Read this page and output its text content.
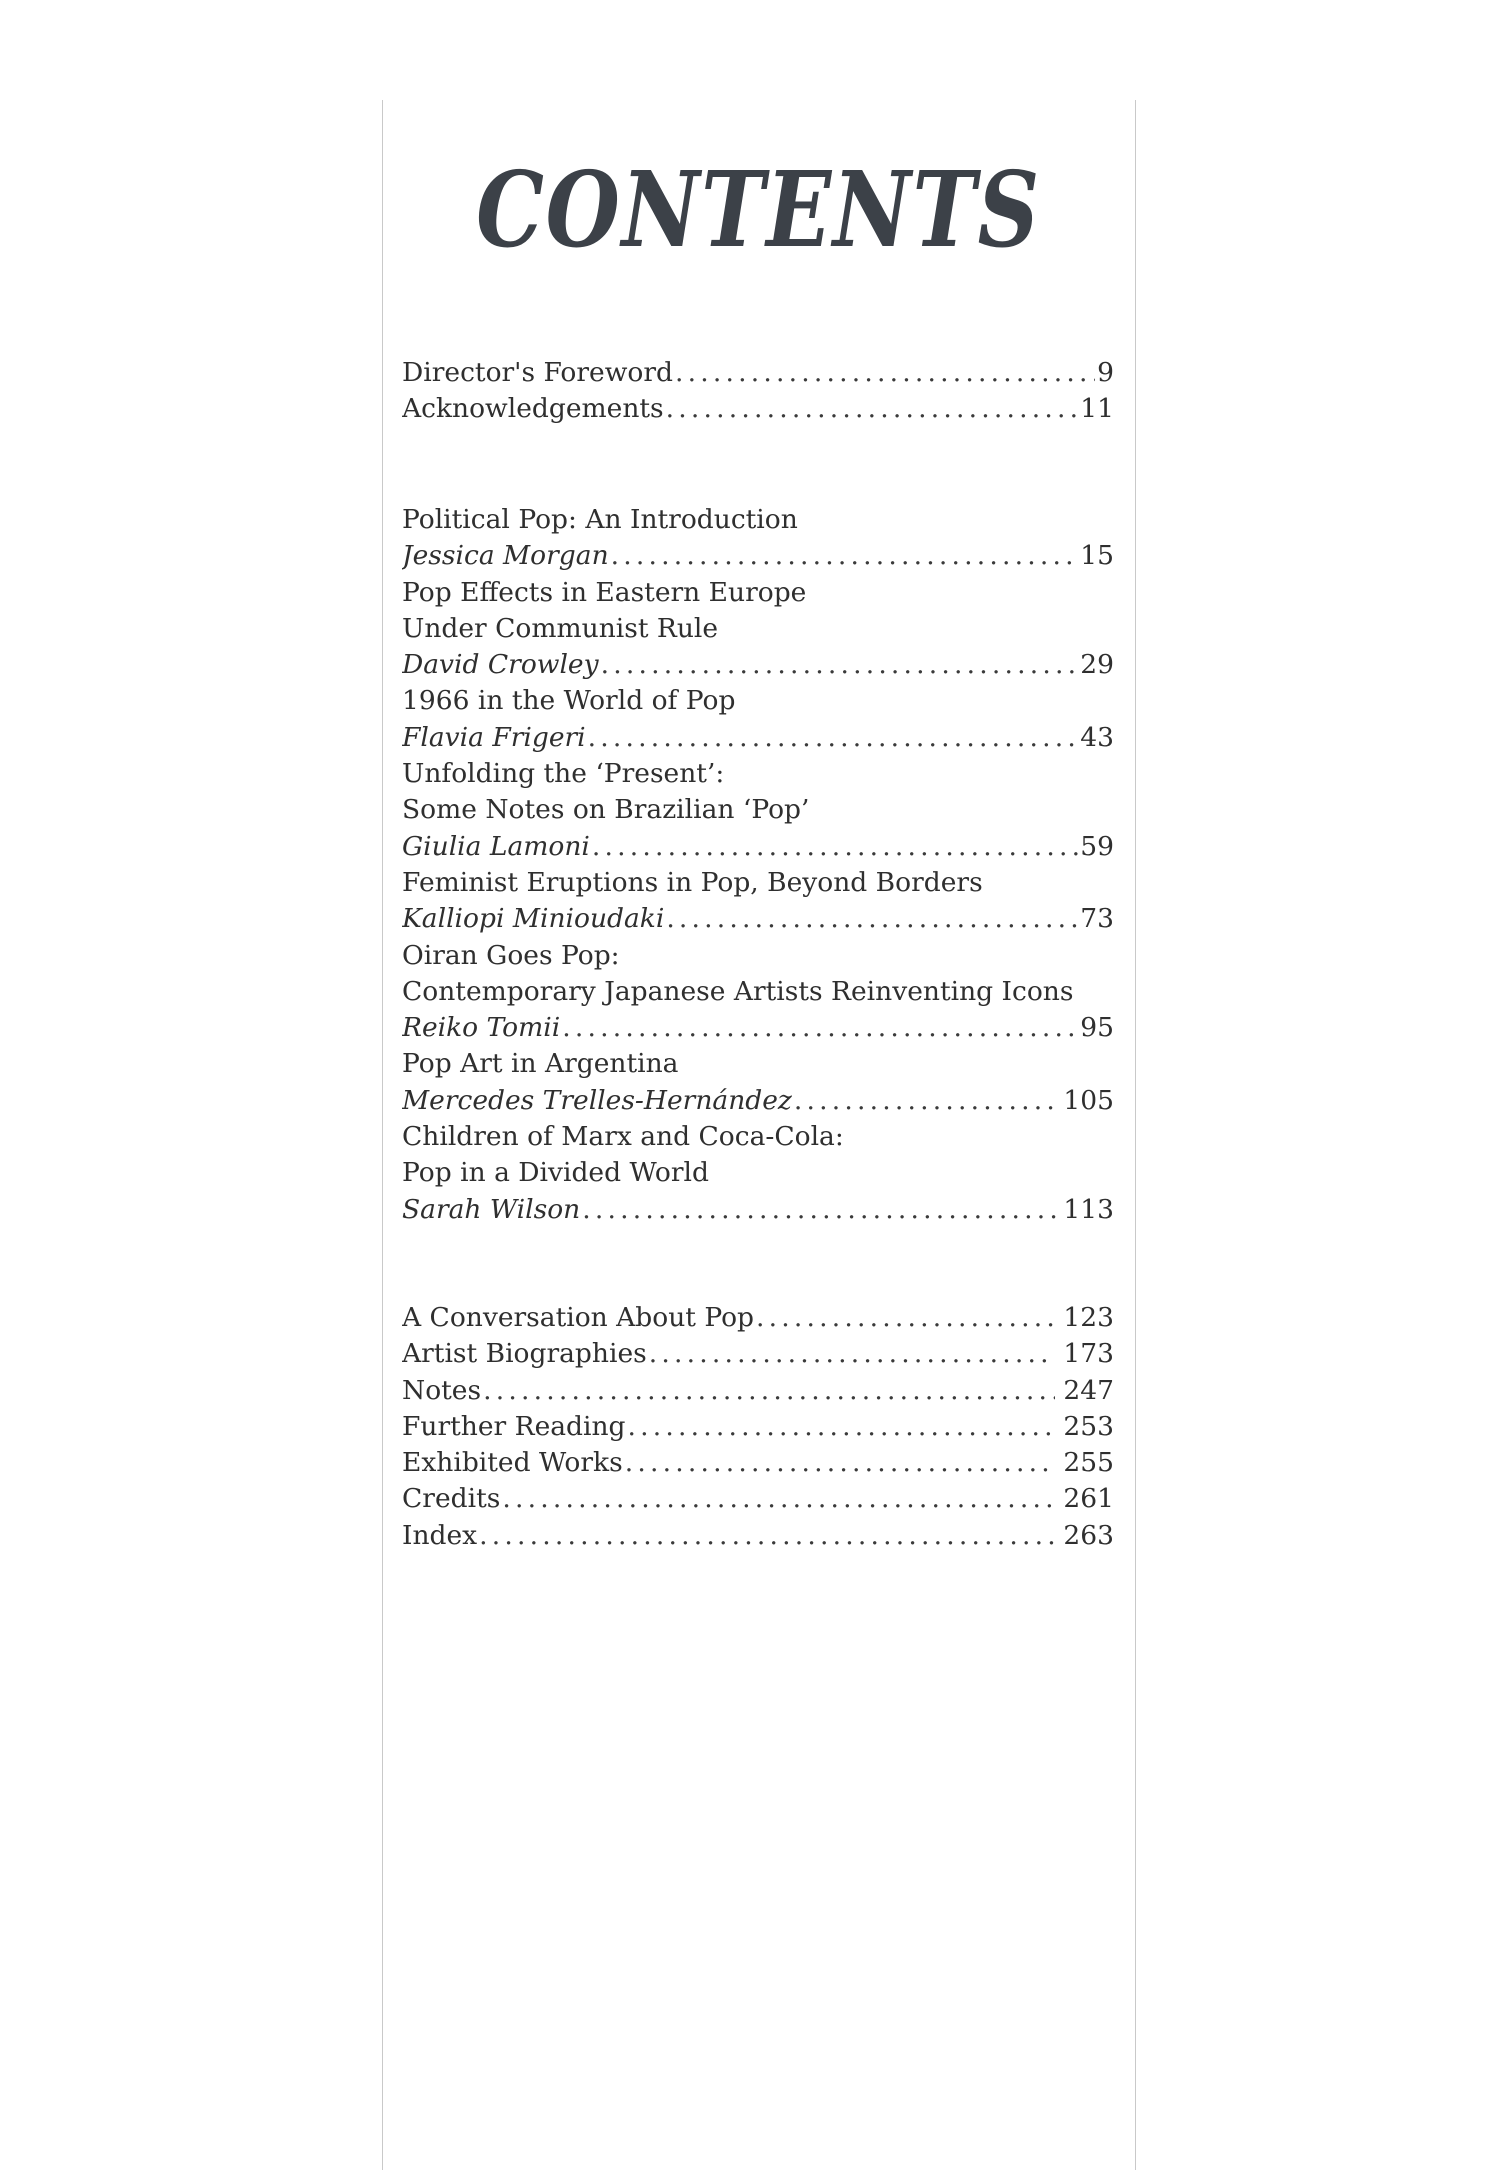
CONTENTS
Director's Foreword .....	9
Acknowledgements .....	11
Political Pop: An Introduction
Jessica Morgan .....	15
Pop Effects in Eastern Europe
Under Communist Rule
David Crowley .....	29
1966 in the World of Pop
Flavia Frigeri .....	43
Unfolding the ‘Present’:
Some Notes on Brazilian ‘Pop’
Giulia Lamoni .....	59
Feminist Eruptions in Pop, Beyond Borders
Kalliopi Minioudaki .....	73
Oiran Goes Pop:
Contemporary Japanese Artists Reinventing Icons
Reiko Tomii .....	95
Pop Art in Argentina
Mercedes Trelles-Hernández .....	105
Children of Marx and Coca-Cola:
Pop in a Divided World
Sarah Wilson .....	113
A Conversation About Pop .....	123
Artist Biographies .....	173
Notes .....	247
Further Reading .....	253
Exhibited Works .....	255
Credits .....	261
Index .....	263
